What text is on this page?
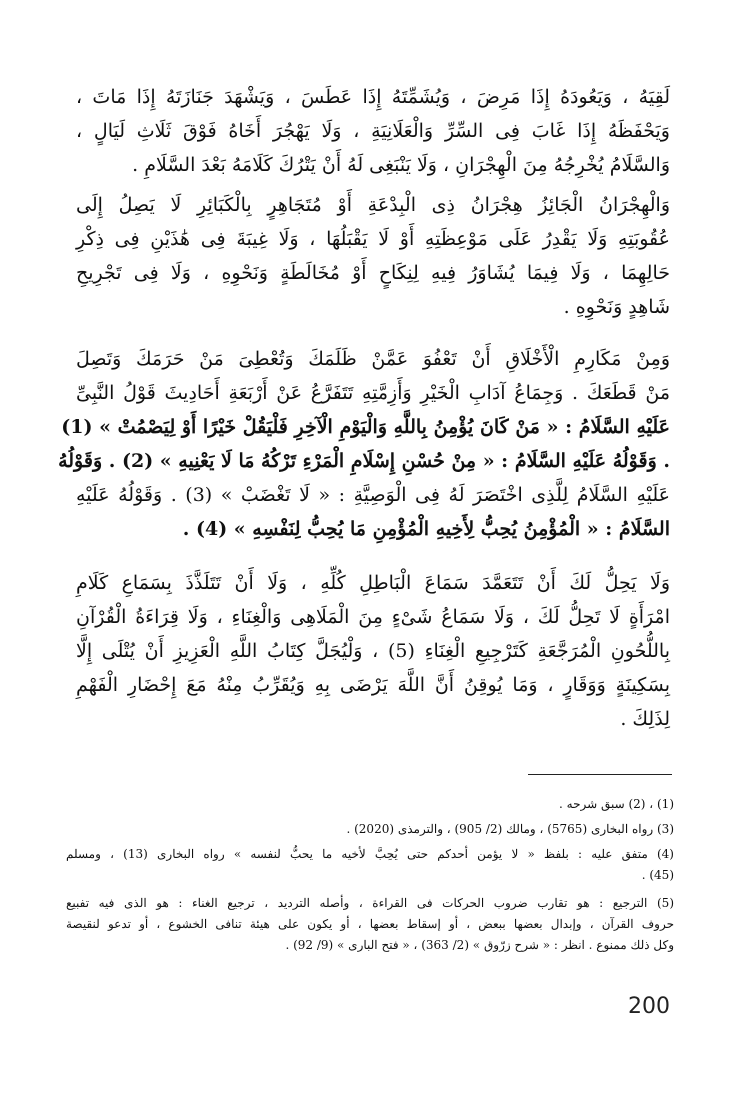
لَقِيَهُ ، وَيَعُودَهُ إِذَا مَرِضَ ، وَيُشَمِّتَهُ إِذَا عَطَسَ ، وَيَشْهَدَ جَنَازَتَهُ إِذَا مَاتَ ،
وَيَحْفَظَهُ إِذَا غَابَ فِى السِّرِّ وَالْعَلَانِيَةِ ، وَلَا يَهْجُرَ أَخَاهُ فَوْقَ ثَلَاثِ لَيَالٍ ،
وَالسَّلَامُ يُخْرِجُهُ مِنَ الْهِجْرَانِ ، وَلَا يَنْبَغِى لَهُ أَنْ يَتْرُكَ كَلَامَهُ بَعْدَ السَّلَامِ .
وَالْهِجْرَانُ الْجَائِزُ هِجْرَانُ ذِى الْبِدْعَةِ أَوْ مُتَجَاهِرٍ بِالْكَبَائِرِ لَا يَصِلُ إِلَى
عُقُوبَتِهِ وَلَا يَقْدِرُ عَلَى مَوْعِظَتِهِ أَوْ لَا يَقْبَلُهَا ، وَلَا غِيبَةَ فِى هَٰذَيْنِ فِى ذِكْرِ
حَالِهِمَا ، وَلَا فِيمَا يُشَاوَرُ فِيهِ لِنِكَاحٍ أَوْ مُخَالَطَةٍ وَنَحْوِهِ ، وَلَا فِى تَجْرِيحِ
شَاهِدٍ وَنَحْوِهِ .
وَمِنْ مَكَارِمِ الْأَخْلَاقِ أَنْ تَعْفُوَ عَمَّنْ ظَلَمَكَ وَتُعْطِىَ مَنْ حَرَمَكَ وَتَصِلَ
مَنْ قَطَعَكَ . وَجِمَاعُ آدَابِ الْخَيْرِ وَأَزِمَّتِهِ تَتَفَرَّعُ عَنْ أَرْبَعَةِ أَحَادِيثَ قَوْلُ النَّبِىِّ
عَلَيْهِ السَّلَامُ : « مَنْ كَانَ يُؤْمِنُ بِاللَّهِ وَالْيَوْمِ الْآخِرِ فَلْيَقُلْ خَيْرًا أَوْ لِيَصْمُتْ » (1)
. وَقَوْلُهُ عَلَيْهِ السَّلَامُ : « مِنْ حُسْنِ إِسْلَامِ الْمَرْءِ تَرْكُهُ مَا لَا يَعْنِيهِ » (2) . وَقَوْلُهُ
عَلَيْهِ السَّلَامُ لِلَّذِى اخْتَصَرَ لَهُ فِى الْوَصِيَّةِ : « لَا تَغْضَبْ » (3) . وَقَوْلُهُ عَلَيْهِ
السَّلَامُ : « الْمُؤْمِنُ يُحِبُّ لِأَخِيهِ الْمُؤْمِنِ مَا يُحِبُّ لِنَفْسِهِ » (4) .
وَلَا يَحِلُّ لَكَ أَنْ تَتَعَمَّدَ سَمَاعَ الْبَاطِلِ كُلِّهِ ، وَلَا أَنْ تَتَلَذَّذَ بِسَمَاعِ كَلَامِ
امْرَأَةٍ لَا تَحِلُّ لَكَ ، وَلَا سَمَاعُ شَىْءٍ مِنَ الْمَلَاهِى وَالْغِنَاءِ ، وَلَا قِرَاءَةُ الْقُرْآنِ
بِاللُّحُونِ الْمُرَجَّعَةِ كَتَرْجِيعِ الْغِنَاءِ (5) ، وَلْيُجَلَّ كِتَابُ اللَّهِ الْعَزِيزِ أَنْ يُتْلَى إِلَّا
بِسَكِينَةٍ وَوَقَارٍ ، وَمَا يُوقِنُ أَنَّ اللَّهَ يَرْضَى بِهِ وَيُقَرِّبُ مِنْهُ مَعَ إِحْضَارِ الْفَهْمِ
لِذَلِكَ .
(1) ، (2) سبق شرحه .
(3) رواه البخارى (5765) ، ومالك (2/ 905) ، والترمذى (2020) .
(4) متفق عليه : بلفظ « لا يؤمن أحدكم حتى يُحِبَّ لأخيه ما يحبُّ لنفسه » رواه البخارى (13) ، ومسلم
(45) .
(5) الترجيع : هو تقارب ضروب الحركات فى القراءة ، وأصله الترديد ، ترجيع الغناء : هو الذى فيه تفبيع
حروف القرآن ، وإبدال بعضها ببعض ، أو إسقاط بعضها ، أو يكون على هيئة تنافى الخشوع ، أو تدعو لنقيصة
وكل ذلك ممنوع . انظر : « شرح زرّوق » (2/ 363) ، « فتح البارى » (9/ 92) .
200
